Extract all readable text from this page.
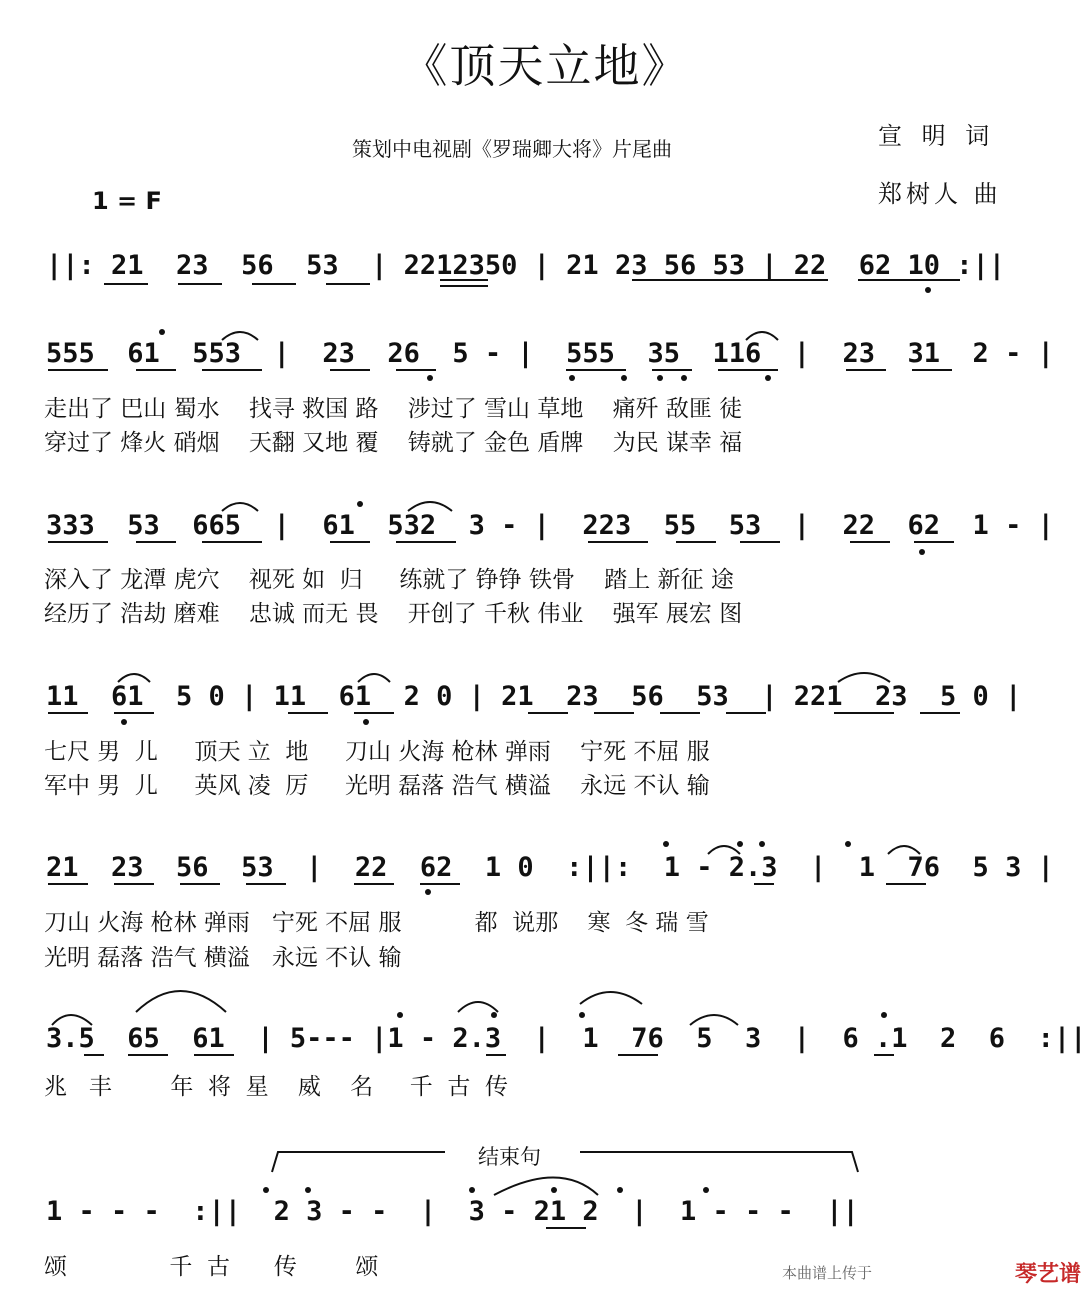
《顶天立地》
策划中电视剧《罗瑞卿大将》片尾曲	宣 明 词
郑树人 曲
1 = F
||: 21  23  56  53  | 2212350 | 21 23 56 53 | 22  62 10 :||
555  61  553  |  23  26  5 - |  555  35  116  |  23  31  2 - |
走出了 巴山 蜀水    找寻 救国 路    涉过了 雪山 草地    痛歼 敌匪 徒
穿过了 烽火 硝烟    天翻 又地 覆    铸就了 金色 盾牌    为民 谋幸 福
333  53  665  |  61  532  3 - |  223  55  53  |  22  62  1 - |
深入了 龙潭 虎穴    视死 如  归     练就了 铮铮 铁骨    踏上 新征 途
经历了 浩劫 磨难    忠诚 而无 畏    开创了 千秋 伟业    强军 展宏 图
11  61  5 0 | 11  61  2 0 | 21  23  56  53  | 221  23  5 0 |
七尺 男  儿     顶天 立  地     刀山 火海 枪林 弹雨    宁死 不屈 服
军中 男  儿     英风 凌  厉     光明 磊落 浩气 横溢    永远 不认 输
21  23  56  53  |  22  62  1 0  :||:  1 - 2.3  |  1  76  5 3 |
刀山 火海 枪林 弹雨   宁死 不屈 服          都  说那    寒  冬 瑞 雪
光明 磊落 浩气 横溢   永远 不认 输
3.5  65  61  | 5--- |1 - 2.3  |  1  76  5  3  |  6 .1  2  6  :||
兆   丰        年  将  星    威    名     千  古  传
结束句
1 - - -  :||  2 3 - -  |  3 - 21 2  |  1 - - -  ||
颂              千  古      传        颂	本曲谱上传于	琴艺谱
